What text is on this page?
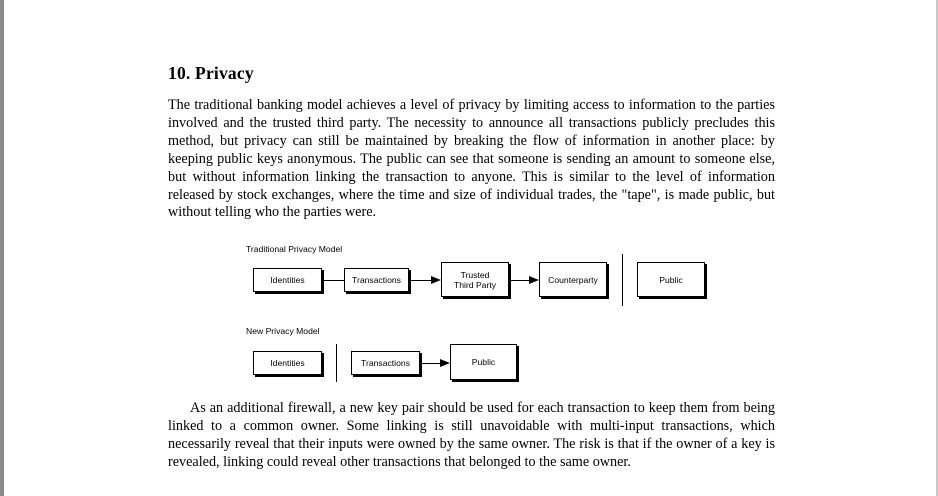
10. Privacy
The traditional banking model achieves a level of privacy by limiting access to information to the parties involved and the trusted third party. The necessity to announce all transactions publicly precludes this method, but privacy can still be maintained by breaking the flow of information in another place: by keeping public keys anonymous. The public can see that someone is sending an amount to someone else, but without information linking the transaction to anyone. This is similar to the level of information released by stock exchanges, where the time and size of individual trades, the "tape", is made public, but without telling who the parties were.
Traditional Privacy Model
Identities	Transactions
Trusted
Third Party	Counterparty	Public
New Privacy Model
Identities	Transactions	Public
As an additional firewall, a new key pair should be used for each transaction to keep them from being linked to a common owner. Some linking is still unavoidable with multi-input transactions, which necessarily reveal that their inputs were owned by the same owner. The risk is that if the owner of a key is revealed, linking could reveal other transactions that belonged to the same owner.
